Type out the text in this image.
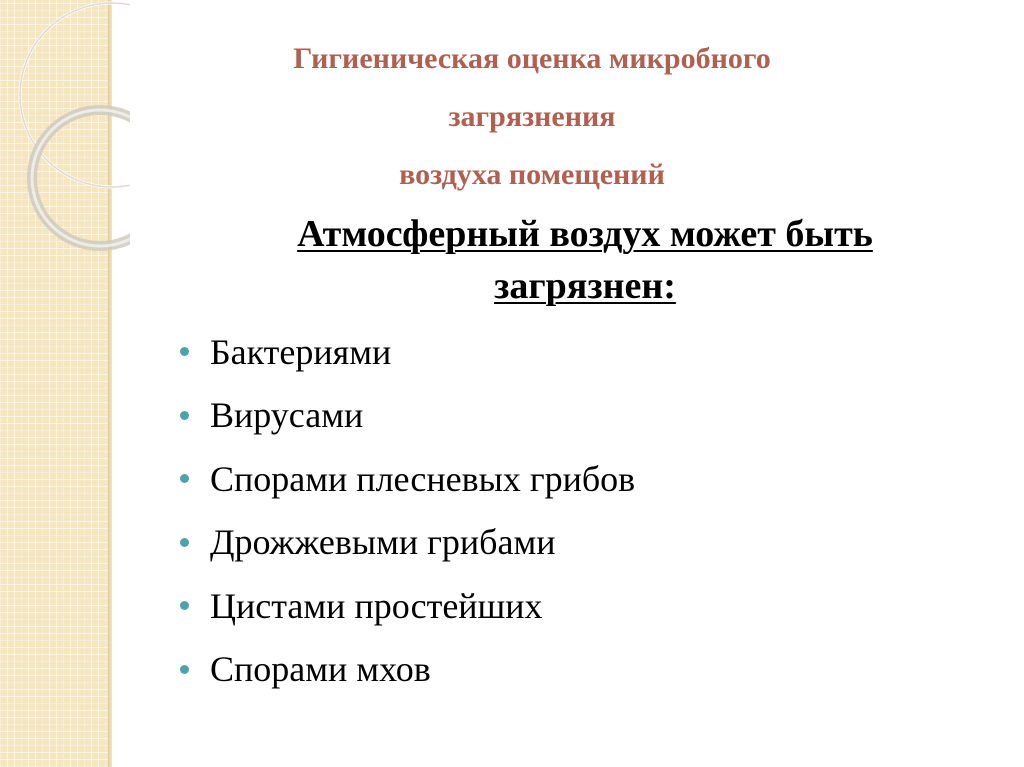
Гигиеническая оценка микробного
загрязнения
воздуха помещений
Атмосферный воздух может быть
загрязнен:
Бактериями
Вирусами
Спорами плесневых грибов
Дрожжевыми грибами
Цистами простейших
Спорами мхов
